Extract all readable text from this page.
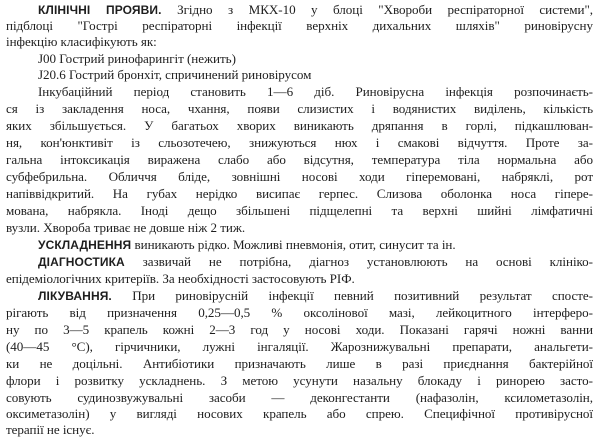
КЛІНІЧНІ ПРОЯВИ. Згідно з МКХ-10 у блоці "Хвороби респіраторної системи",
підблоці "Гострі респіраторні інфекції верхніх дихальних шляхів" риновірусну
інфекцію класифікують як:
J00 Гострий ринофарингіт (нежить)
J20.6 Гострий бронхіт, спричинений риновірусом
Інкубаційний період становить 1—6 діб. Риновірусна інфекція розпочинаєть-
ся із закладення носа, чхання, появи слизистих і водянистих виділень, кількість
яких збільшується. У багатьох хворих виникають дряпання в горлі, підкашлюван-
ня, кон'юнктивіт із сльозотечею, знижуються нюх і смакові відчуття. Проте за-
гальна інтоксикація виражена слабо або відсутня, температура тіла нормальна або
субфебрильна. Обличчя бліде, зовнішні носові ходи гіперемовані, набряклі, рот
напіввідкритий. На губах нерідко висипає герпес. Слизова оболонка носа гіпере-
мована, набрякла. Іноді дещо збільшені підщелепні та верхні шийні лімфатичні
вузли. Хвороба триває не довше ніж 2 тиж.
УСКЛАДНЕННЯ виникають рідко. Можливі пневмонія, отит, синусит та ін.
ДІАГНОСТИКА зазвичай не потрібна, діагноз установлюють на основі клініко-
епідеміологічних критеріїв. За необхідності застосовують РІФ.
ЛІКУВАННЯ. При риновірусній інфекції певний позитивний результат спосте-
рігають від призначення 0,25—0,5 % оксолінової мазі, лейкоцитного інтерферо-
ну по 3—5 крапель кожні 2—3 год у носові ходи. Показані гарячі ножні ванни
(40—45 °С), гірчичники, лужні інгаляції. Жарознижувальні препарати, анальгети-
ки не доцільні. Антибіотики призначають лише в разі приєднання бактерійної
флори і розвитку ускладнень. З метою усунути назальну блокаду і ринорею засто-
совують судинозвужувальні засоби — деконгестанти (нафазолін, ксилометазолін,
оксиметазолін) у вигляді носових крапель або спрею. Специфічної противірусної
терапії не існує.
